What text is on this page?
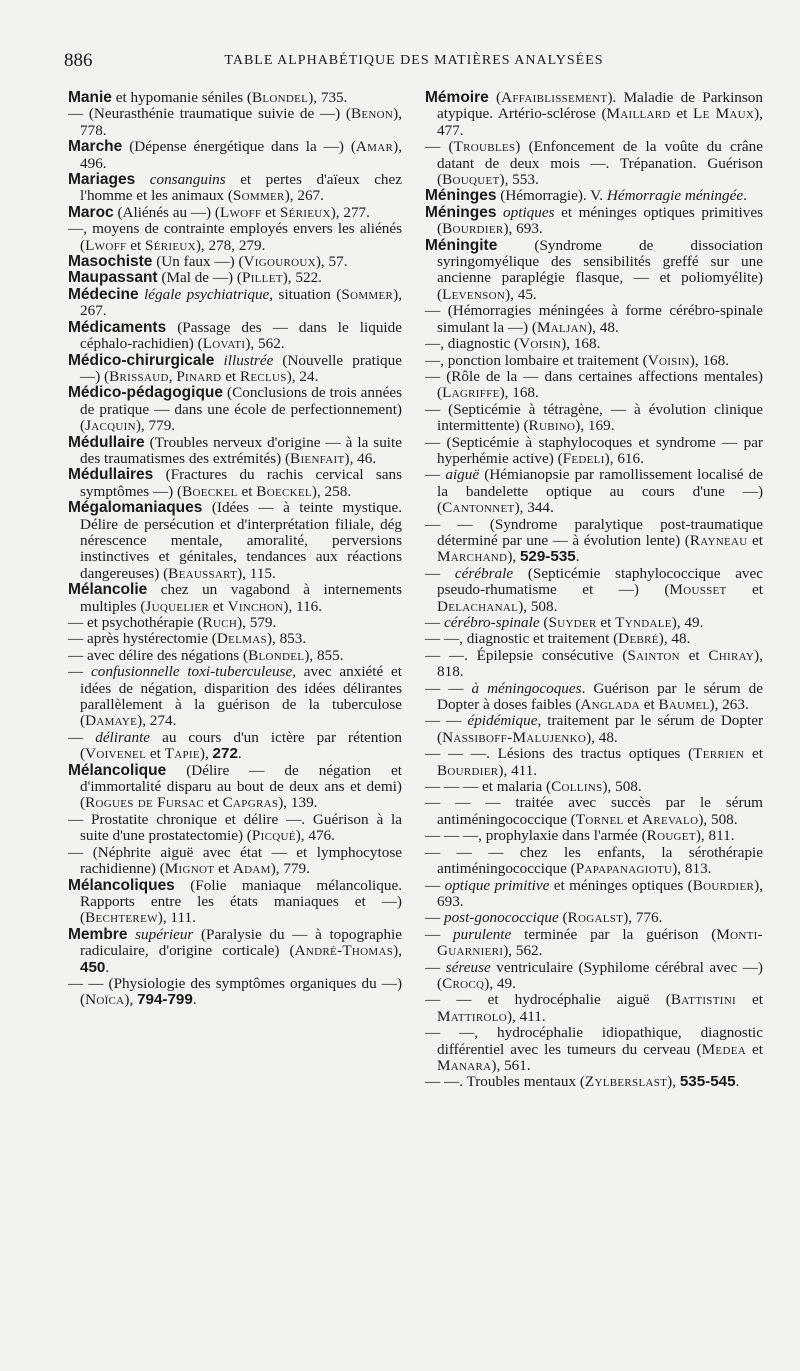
886	TABLE ALPHABÉTIQUE DES MATIÈRES ANALYSÉES
Manie et hypomanie séniles (Blondel), 735.
— (Neurasthénie traumatique suivie de —) (Benon), 778.
Marche (Dépense énergétique dans la —) (Amar), 496.
Mariages consanguins et pertes d'aïeux chez l'homme et les animaux (Sommer), 267.
Maroc (Aliénés au —) (Lwoff et Sérieux), 277.
—, moyens de contrainte employés envers les aliénés (Lwoff et Sérieux), 278, 279.
Masochiste (Un faux —) (Vigouroux), 57.
Maupassant (Mal de —) (Pillet), 522.
Médecine légale psychiatrique, situation (Sommer), 267.
Médicaments (Passage des — dans le liquide céphalo-rachidien) (Lovati), 562.
Médico-chirurgicale illustrée (Nouvelle pratique —) (Brissaud, Pinard et Reclus), 24.
Médico-pédagogique (Conclusions de trois années de pratique — dans une école de perfectionnement) (Jacquin), 779.
Médullaire (Troubles nerveux d'origine — à la suite des traumatismes des extrémités) (Bienfait), 46.
Médullaires (Fractures du rachis cervical sans symptômes —) (Boeckel et Boeckel), 258.
Mégalomaniaques (Idées — à teinte mystique. Délire de persécution et d'interprétation filiale, dég nérescence mentale, amoralité, perversions instinctives et génitales, tendances aux réactions dangereuses) (Beaussart), 115.
Mélancolie chez un vagabond à internements multiples (Juquelier et Vinchon), 116.
— et psychothérapie (Ruch), 579.
— après hystérectomie (Delmas), 853.
— avec délire des négations (Blondel), 855.
— confusionnelle toxi-tuberculeuse, avec anxiété et idées de négation, disparition des idées délirantes parallèlement à la guérison de la tuberculose (Damaye), 274.
— délirante au cours d'un ictère par rétention (Voivenel et Tapie), 272.
Mélancolique (Délire — de négation et d'immortalité disparu au bout de deux ans et demi) (Rogues de Fursac et Capgras), 139.
— Prostatite chronique et délire —. Guérison à la suite d'une prostatectomie) (Picqué), 476.
— (Néphrite aiguë avec état — et lymphocytose rachidienne) (Mignot et Adam), 779.
Mélancoliques (Folie maniaque mélancolique. Rapports entre les états maniaques et —) (Bechterew), 111.
Membre supérieur (Paralysie du — à topographie radiculaire, d'origine corticale) (André-Thomas), 450.
— — (Physiologie des symptômes organiques du —) (Noïca), 794-799.
Mémoire (Affaiblissement). Maladie de Parkinson atypique. Artério-sclérose (Maillard et Le Maux), 477.
— (Troubles) (Enfoncement de la voûte du crâne datant de deux mois —. Trépanation. Guérison (Bouquet), 553.
Méninges (Hémorragie). V. Hémorragie méningée.
Méninges optiques et méninges optiques primitives (Bourdier), 693.
Méningite (Syndrome de dissociation syringomyélique des sensibilités greffé sur une ancienne paraplégie flasque, — et poliomyélite) (Levenson), 45.
— (Hémorragies méningées à forme cérébro-spinale simulant la —) (Maljan), 48.
—, diagnostic (Voisin), 168.
—, ponction lombaire et traitement (Voisin), 168.
— (Rôle de la — dans certaines affections mentales) (Lagriffe), 168.
— (Septicémie à tétragène, — à évolution clinique intermittente) (Rubino), 169.
— (Septicémie à staphylocoques et syndrome — par hyperhémie active) (Fedeli), 616.
— aiguë (Hémianopsie par ramollissement localisé de la bandelette optique au cours d'une —) (Cantonnet), 344.
— — (Syndrome paralytique post-traumatique déterminé par une — à évolution lente) (Rayneau et Marchand), 529-535.
— cérébrale (Septicémie staphylococcique avec pseudo-rhumatisme et —) (Mousset et Delachanal), 508.
— cérébro-spinale (Suyder et Tyndale), 49.
— —, diagnostic et traitement (Debré), 48.
— —. Épilepsie consécutive (Sainton et Chiray), 818.
— — à méningocoques. Guérison par le sérum de Dopter à doses faibles (Anglada et Baumel), 263.
— — épidémique, traitement par le sérum de Dopter (Nassiboff-Malujenko), 48.
— — —. Lésions des tractus optiques (Terrien et Bourdier), 411.
— — — et malaria (Collins), 508.
— — — traitée avec succès par le sérum antiméningococcique (Tornel et Arevalo), 508.
— — —, prophylaxie dans l'armée (Rouget), 811.
— — — chez les enfants, la sérothérapie antiméningococcique (Papapanagiotu), 813.
— optique primitive et méninges optiques (Bourdier), 693.
— post-gonococcique (Rogalst), 776.
— purulente terminée par la guérison (Monti-Guarnieri), 562.
— séreuse ventriculaire (Syphilome cérébral avec —) (Crocq), 49.
— — et hydrocéphalie aiguë (Battistini et Mattirolo), 411.
— —, hydrocéphalie idiopathique, diagnostic différentiel avec les tumeurs du cerveau (Medea et Manara), 561.
— —. Troubles mentaux (Zylberslast), 535-545.
